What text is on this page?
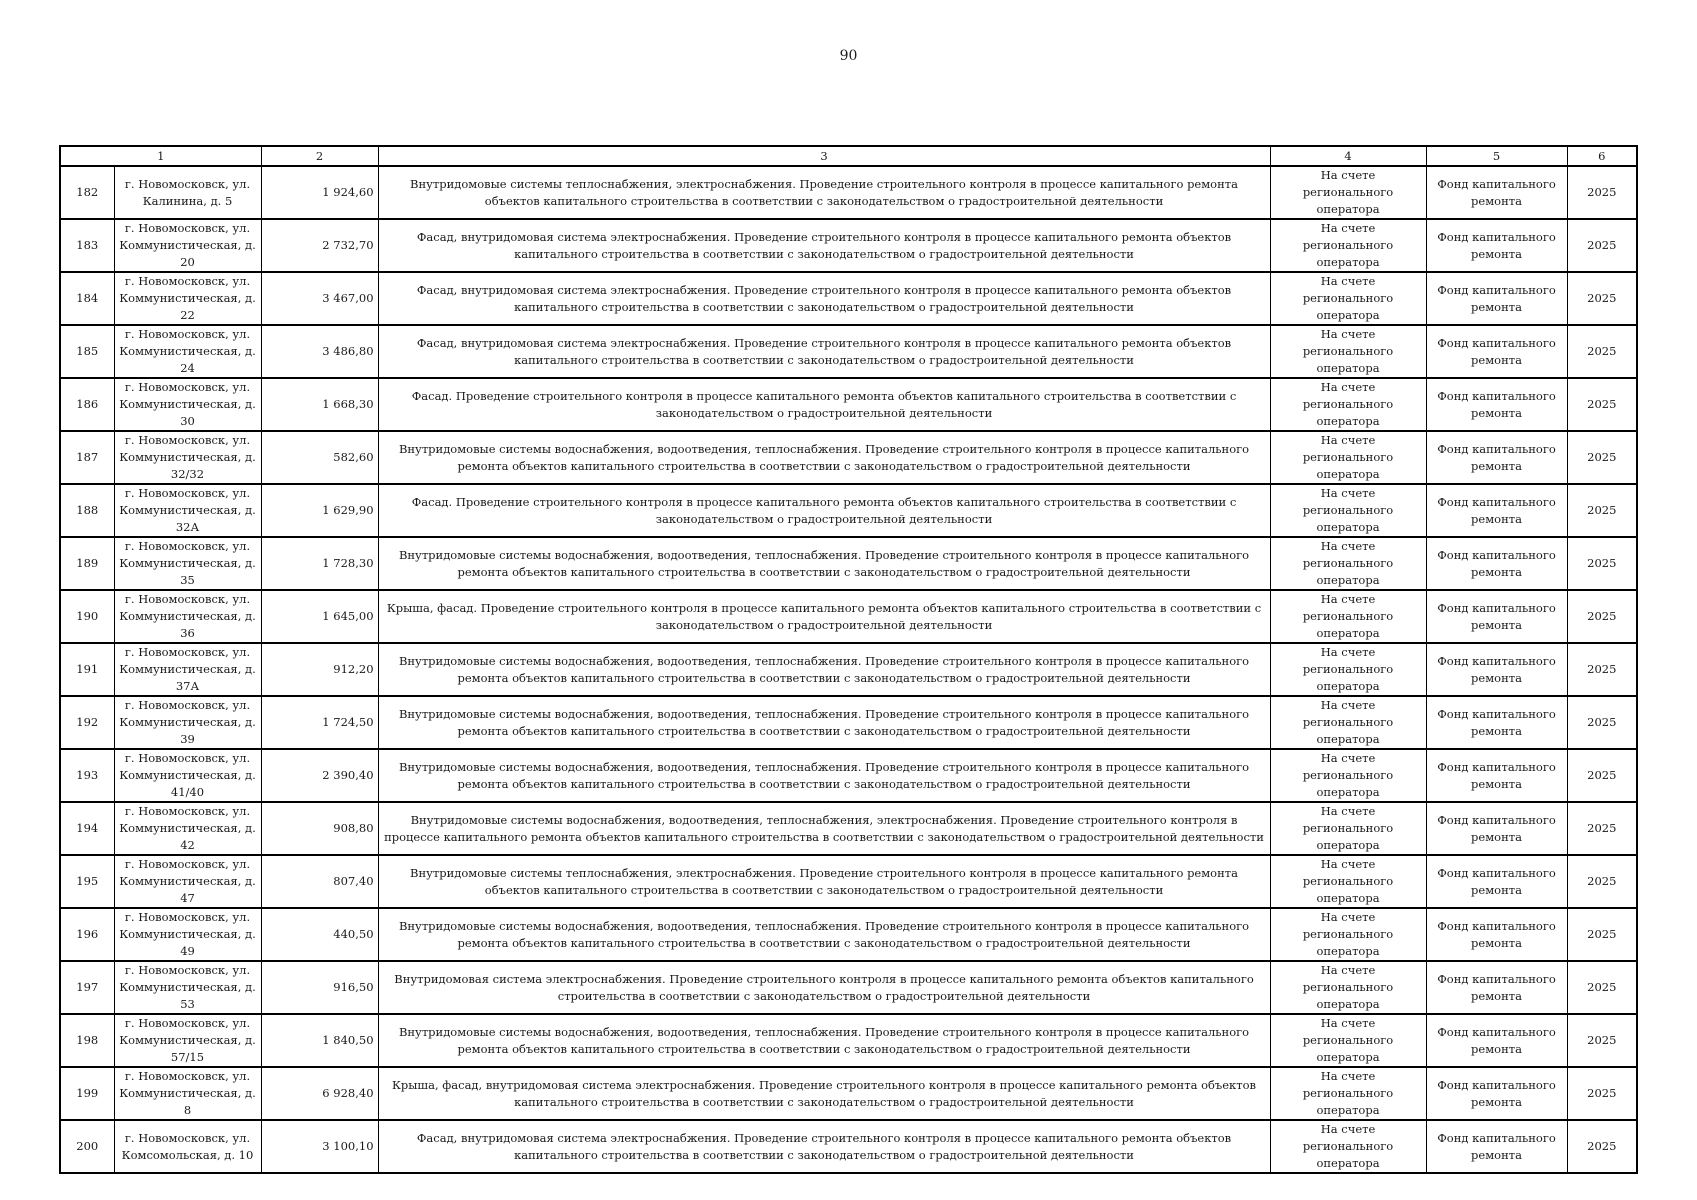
90
1		2	3	4	5	6
182	г. Новомосковск, ул. Калинина, д. 5	1 924,60	Внутридомовые системы теплоснабжения, электроснабжения. Проведение строительного контроля в процессе капитального ремонта объектов капитального строительства в соответствии с законодательством о градостроительной деятельности	На счете регионального оператора	Фонд капитального ремонта	2025
183	г. Новомосковск, ул. Коммунистическая, д. 20	2 732,70	Фасад, внутридомовая система электроснабжения. Проведение строительного контроля в процессе капитального ремонта объектов капитального строительства в соответствии с законодательством о градостроительной деятельности	На счете регионального оператора	Фонд капитального ремонта	2025
184	г. Новомосковск, ул. Коммунистическая, д. 22	3 467,00	Фасад, внутридомовая система электроснабжения. Проведение строительного контроля в процессе капитального ремонта объектов капитального строительства в соответствии с законодательством о градостроительной деятельности	На счете регионального оператора	Фонд капитального ремонта	2025
185	г. Новомосковск, ул. Коммунистическая, д. 24	3 486,80	Фасад, внутридомовая система электроснабжения. Проведение строительного контроля в процессе капитального ремонта объектов капитального строительства в соответствии с законодательством о градостроительной деятельности	На счете регионального оператора	Фонд капитального ремонта	2025
186	г. Новомосковск, ул. Коммунистическая, д. 30	1 668,30	Фасад. Проведение строительного контроля в процессе капитального ремонта объектов капитального строительства в соответствии с законодательством о градостроительной деятельности	На счете регионального оператора	Фонд капитального ремонта	2025
187	г. Новомосковск, ул. Коммунистическая, д. 32/32	582,60	Внутридомовые системы водоснабжения, водоотведения, теплоснабжения. Проведение строительного контроля в процессе капитального ремонта объектов капитального строительства в соответствии с законодательством о градостроительной деятельности	На счете регионального оператора	Фонд капитального ремонта	2025
188	г. Новомосковск, ул. Коммунистическая, д. 32А	1 629,90	Фасад. Проведение строительного контроля в процессе капитального ремонта объектов капитального строительства в соответствии с законодательством о градостроительной деятельности	На счете регионального оператора	Фонд капитального ремонта	2025
189	г. Новомосковск, ул. Коммунистическая, д. 35	1 728,30	Внутридомовые системы водоснабжения, водоотведения, теплоснабжения. Проведение строительного контроля в процессе капитального ремонта объектов капитального строительства в соответствии с законодательством о градостроительной деятельности	На счете регионального оператора	Фонд капитального ремонта	2025
190	г. Новомосковск, ул. Коммунистическая, д. 36	1 645,00	Крыша, фасад. Проведение строительного контроля в процессе капитального ремонта объектов капитального строительства в соответствии с законодательством о градостроительной деятельности	На счете регионального оператора	Фонд капитального ремонта	2025
191	г. Новомосковск, ул. Коммунистическая, д. 37А	912,20	Внутридомовые системы водоснабжения, водоотведения, теплоснабжения. Проведение строительного контроля в процессе капитального ремонта объектов капитального строительства в соответствии с законодательством о градостроительной деятельности	На счете регионального оператора	Фонд капитального ремонта	2025
192	г. Новомосковск, ул. Коммунистическая, д. 39	1 724,50	Внутридомовые системы водоснабжения, водоотведения, теплоснабжения. Проведение строительного контроля в процессе капитального ремонта объектов капитального строительства в соответствии с законодательством о градостроительной деятельности	На счете регионального оператора	Фонд капитального ремонта	2025
193	г. Новомосковск, ул. Коммунистическая, д. 41/40	2 390,40	Внутридомовые системы водоснабжения, водоотведения, теплоснабжения. Проведение строительного контроля в процессе капитального ремонта объектов капитального строительства в соответствии с законодательством о градостроительной деятельности	На счете регионального оператора	Фонд капитального ремонта	2025
194	г. Новомосковск, ул. Коммунистическая, д. 42	908,80	Внутридомовые системы водоснабжения, водоотведения, теплоснабжения, электроснабжения. Проведение строительного контроля в процессе капитального ремонта объектов капитального строительства в соответствии с законодательством о градостроительной деятельности	На счете регионального оператора	Фонд капитального ремонта	2025
195	г. Новомосковск, ул. Коммунистическая, д. 47	807,40	Внутридомовые системы теплоснабжения, электроснабжения. Проведение строительного контроля в процессе капитального ремонта объектов капитального строительства в соответствии с законодательством о градостроительной деятельности	На счете регионального оператора	Фонд капитального ремонта	2025
196	г. Новомосковск, ул. Коммунистическая, д. 49	440,50	Внутридомовые системы водоснабжения, водоотведения, теплоснабжения. Проведение строительного контроля в процессе капитального ремонта объектов капитального строительства в соответствии с законодательством о градостроительной деятельности	На счете регионального оператора	Фонд капитального ремонта	2025
197	г. Новомосковск, ул. Коммунистическая, д. 53	916,50	Внутридомовая система электроснабжения. Проведение строительного контроля в процессе капитального ремонта объектов капитального строительства в соответствии с законодательством о градостроительной деятельности	На счете регионального оператора	Фонд капитального ремонта	2025
198	г. Новомосковск, ул. Коммунистическая, д. 57/15	1 840,50	Внутридомовые системы водоснабжения, водоотведения, теплоснабжения. Проведение строительного контроля в процессе капитального ремонта объектов капитального строительства в соответствии с законодательством о градостроительной деятельности	На счете регионального оператора	Фонд капитального ремонта	2025
199	г. Новомосковск, ул. Коммунистическая, д. 8	6 928,40	Крыша, фасад, внутридомовая система электроснабжения. Проведение строительного контроля в процессе капитального ремонта объектов капитального строительства в соответствии с законодательством о градостроительной деятельности	На счете регионального оператора	Фонд капитального ремонта	2025
200	г. Новомосковск, ул. Комсомольская, д. 10	3 100,10	Фасад, внутридомовая система электроснабжения. Проведение строительного контроля в процессе капитального ремонта объектов капитального строительства в соответствии с законодательством о градостроительной деятельности	На счете регионального оператора	Фонд капитального ремонта	2025
